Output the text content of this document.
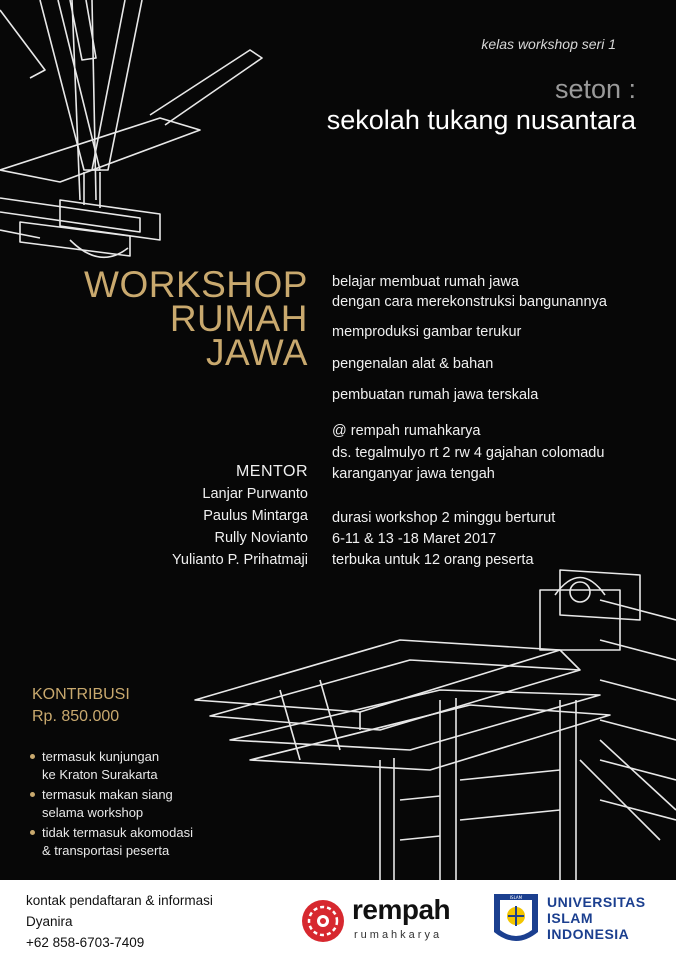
kelas workshop seri 1
seton :
sekolah tukang nusantara
WORKSHOP
RUMAH
JAWA
belajar membuat rumah jawa
dengan cara merekonstruksi bangunannya
memproduksi gambar terukur
pengenalan alat & bahan
pembuatan rumah jawa terskala
@ rempah rumahkarya
ds. tegalmulyo rt 2 rw 4 gajahan colomadu
karanganyar jawa tengah
durasi workshop 2 minggu berturut
6-11 & 13 -18 Maret 2017
terbuka untuk 12 orang peserta
MENTOR
Lanjar Purwanto
Paulus Mintarga
Rully Novianto
Yulianto P. Prihatmaji
KONTRIBUSI
Rp. 850.000
termasuk kunjungan
ke Kraton Surakarta
termasuk makan siang
selama workshop
tidak termasuk akomodasi
& transportasi peserta
kontak pendaftaran & informasi
Dyanira
+62 858-6703-7409
rempah
rumahkarya
ISLAM UNIVERSITAS
ISLAM
INDONESIA
